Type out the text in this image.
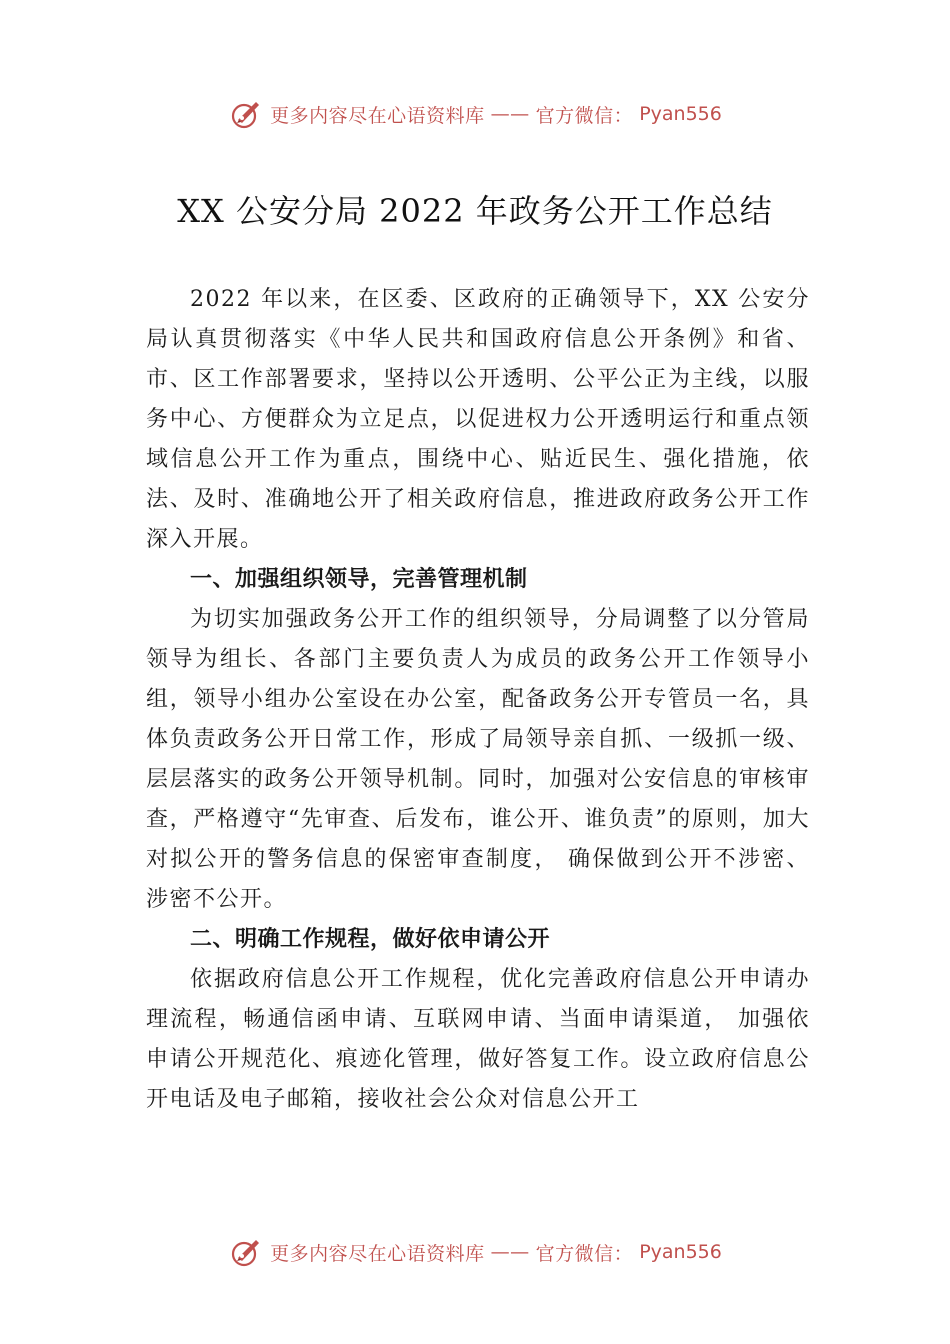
更多内容尽在心语资料库 —— 官方微信： Pyan556
XX 公安分局 2022 年政务公开工作总结

2022 年以来，在区委、区政府的正确领导下，XX 公安分局认真贯彻落实《中华人民共和国政府信息公开条例》和省、市、区工作部署要求，坚持以公开透明、公平公正为主线，以服务中心、方便群众为立足点，以促进权力公开透明运行和重点领域信息公开工作为重点，围绕中心、贴近民生、强化措施，依法、及时、准确地公开了相关政府信息，推进政府政务公开工作深入开展。

一、加强组织领导，完善管理机制

为切实加强政务公开工作的组织领导，分局调整了以分管局领导为组长、各部门主要负责人为成员的政务公开工作领导小组，领导小组办公室设在办公室，配备政务公开专管员一名，具体负责政务公开日常工作，形成了局领导亲自抓、一级抓一级、层层落实的政务公开领导机制。同时，加强对公安信息的审核审查，严格遵守“先审查、后发布，谁公开、谁负责”的原则，加大对拟公开的警务信息的保密审查制度， 确保做到公开不涉密、涉密不公开。

二、明确工作规程，做好依申请公开

依据政府信息公开工作规程，优化完善政府信息公开申请办理流程，畅通信函申请、互联网申请、当面申请渠道， 加强依申请公开规范化、痕迹化管理，做好答复工作。设立政府信息公开电话及电子邮箱，接收社会公众对信息公开工

更多内容尽在心语资料库 —— 官方微信： Pyan556
